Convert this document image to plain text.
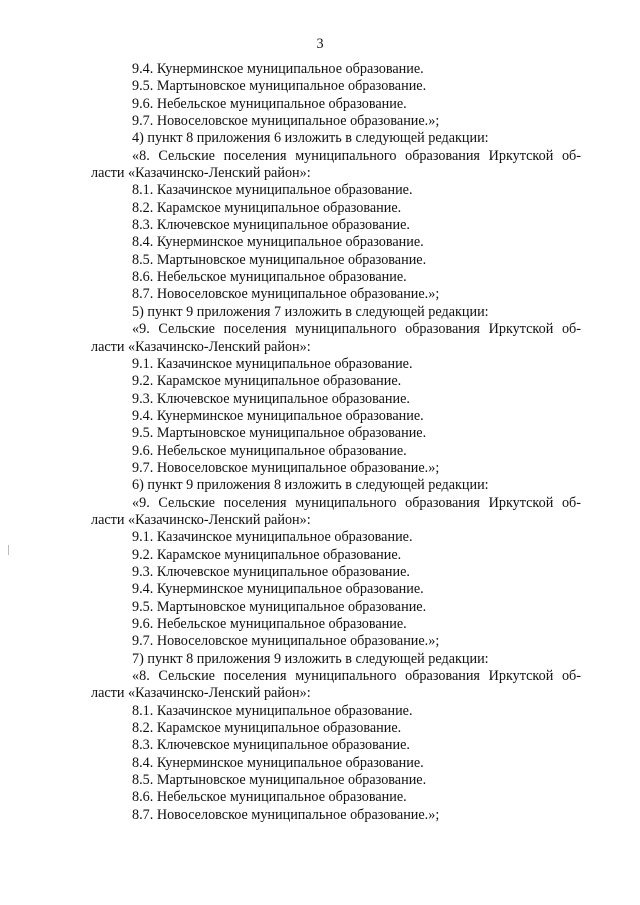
3
9.4. Кунерминское муниципальное образование.
9.5. Мартыновское муниципальное образование.
9.6. Небельское муниципальное образование.
9.7. Новоселовское муниципальное образование.»;
4) пункт 8 приложения 6 изложить в следующей редакции:
«8. Сельские поселения муниципального образования Иркутской об-
ласти «Казачинско-Ленский район»:
8.1. Казачинское муниципальное образование.
8.2. Карамское муниципальное образование.
8.3. Ключевское муниципальное образование.
8.4. Кунерминское муниципальное образование.
8.5. Мартыновское муниципальное образование.
8.6. Небельское муниципальное образование.
8.7. Новоселовское муниципальное образование.»;
5) пункт 9 приложения 7 изложить в следующей редакции:
«9. Сельские поселения муниципального образования Иркутской об-
ласти «Казачинско-Ленский район»:
9.1. Казачинское муниципальное образование.
9.2. Карамское муниципальное образование.
9.3. Ключевское муниципальное образование.
9.4. Кунерминское муниципальное образование.
9.5. Мартыновское муниципальное образование.
9.6. Небельское муниципальное образование.
9.7. Новоселовское муниципальное образование.»;
6) пункт 9 приложения 8 изложить в следующей редакции:
«9. Сельские поселения муниципального образования Иркутской об-
ласти «Казачинско-Ленский район»:
9.1. Казачинское муниципальное образование.
9.2. Карамское муниципальное образование.
9.3. Ключевское муниципальное образование.
9.4. Кунерминское муниципальное образование.
9.5. Мартыновское муниципальное образование.
9.6. Небельское муниципальное образование.
9.7. Новоселовское муниципальное образование.»;
7) пункт 8 приложения 9 изложить в следующей редакции:
«8. Сельские поселения муниципального образования Иркутской об-
ласти «Казачинско-Ленский район»:
8.1. Казачинское муниципальное образование.
8.2. Карамское муниципальное образование.
8.3. Ключевское муниципальное образование.
8.4. Кунерминское муниципальное образование.
8.5. Мартыновское муниципальное образование.
8.6. Небельское муниципальное образование.
8.7. Новоселовское муниципальное образование.»;
